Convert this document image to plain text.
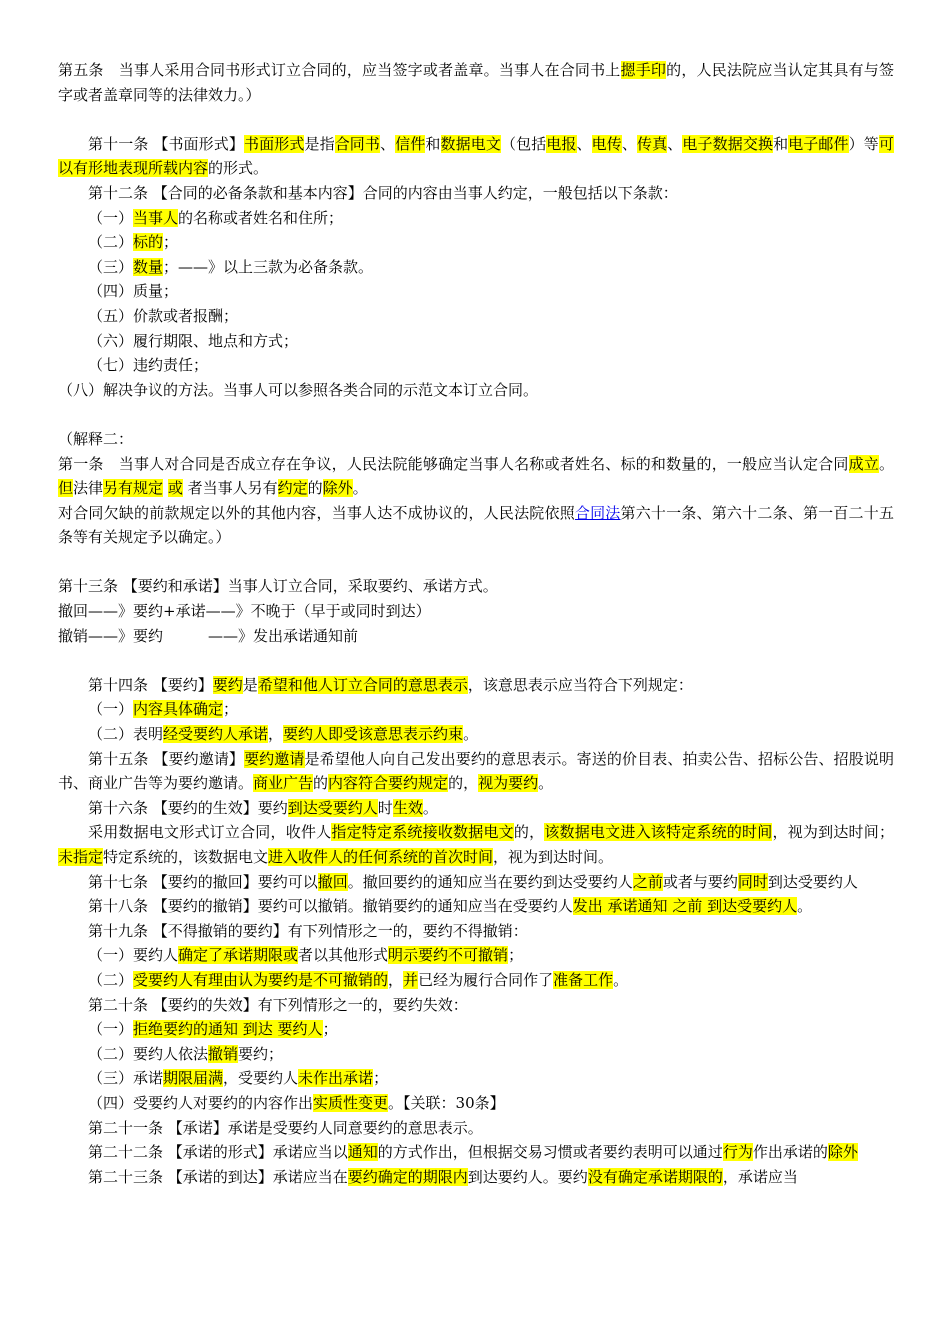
第五条　当事人采用合同书形式订立合同的，应当签字或者盖章。当事人在合同书上摁手印的，人民法院应当认定其具有与签字或者盖章同等的法律效力。）

第十一条 【书面形式】书面形式是指合同书、信件和数据电文（包括电报、电传、传真、电子数据交换和电子邮件）等可以有形地表现所载内容的形式。

第十二条 【合同的必备条款和基本内容】合同的内容由当事人约定，一般包括以下条款：

（一）当事人的名称或者姓名和住所；

（二）标的；

（三）数量；——》以上三款为必备条款。

（四）质量；

（五）价款或者报酬；

（六）履行期限、地点和方式；

（七）违约责任；

（八）解决争议的方法。当事人可以参照各类合同的示范文本订立合同。

（解释二：

第一条　当事人对合同是否成立存在争议，人民法院能够确定当事人名称或者姓名、标的和数量的，一般应当认定合同成立。但法律另有规定 或 者当事人另有约定的除外。

对合同欠缺的前款规定以外的其他内容，当事人达不成协议的，人民法院依照合同法第六十一条、第六十二条、第一百二十五条等有关规定予以确定。）

第十三条 【要约和承诺】当事人订立合同，采取要约、承诺方式。

撤回——》要约+承诺——》不晚于（早于或同时到达）

撤销——》要约　　　——》发出承诺通知前

第十四条 【要约】要约是希望和他人订立合同的意思表示，该意思表示应当符合下列规定：

（一）内容具体确定；

（二）表明经受要约人承诺，要约人即受该意思表示约束。

第十五条 【要约邀请】要约邀请是希望他人向自己发出要约的意思表示。寄送的价目表、拍卖公告、招标公告、招股说明书、商业广告等为要约邀请。商业广告的内容符合要约规定的，视为要约。

第十六条 【要约的生效】要约到达受要约人时生效。

采用数据电文形式订立合同，收件人指定特定系统接收数据电文的，该数据电文进入该特定系统的时间，视为到达时间；未指定特定系统的，该数据电文进入收件人的任何系统的首次时间，视为到达时间。

第十七条 【要约的撤回】要约可以撤回。撤回要约的通知应当在要约到达受要约人之前或者与要约同时到达受要约人

第十八条 【要约的撤销】要约可以撤销。撤销要约的通知应当在受要约人发出 承诺通知 之前 到达受要约人。

第十九条 【不得撤销的要约】有下列情形之一的，要约不得撤销：

（一）要约人确定了承诺期限或者以其他形式明示要约不可撤销；

（二）受要约人有理由认为要约是不可撤销的，并已经为履行合同作了准备工作。

第二十条 【要约的失效】有下列情形之一的，要约失效：

（一）拒绝要约的通知 到达 要约人；

（二）要约人依法撤销要约；

（三）承诺期限届满，受要约人未作出承诺；

（四）受要约人对要约的内容作出实质性变更。【关联：30条】

第二十一条 【承诺】承诺是受要约人同意要约的意思表示。

第二十二条 【承诺的形式】承诺应当以通知的方式作出，但根据交易习惯或者要约表明可以通过行为作出承诺的除外

第二十三条 【承诺的到达】承诺应当在要约确定的期限内到达要约人。要约没有确定承诺期限的，承诺应当
